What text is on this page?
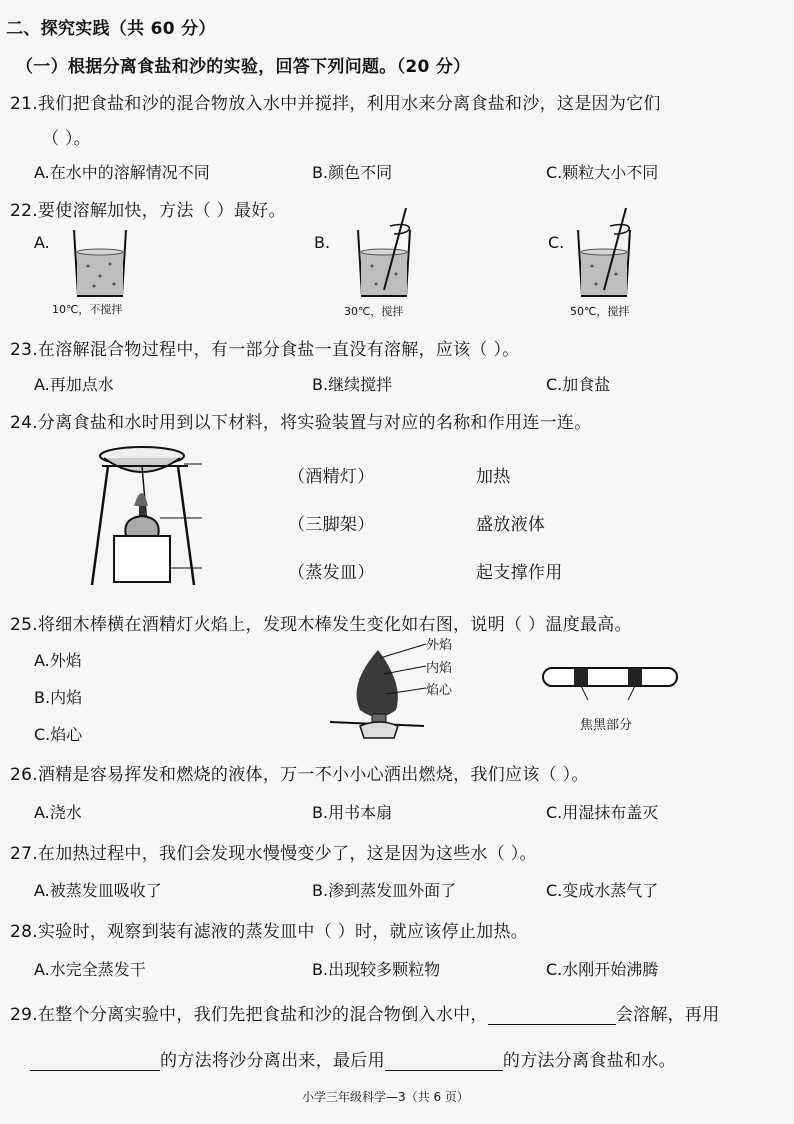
二、探究实践（共 60 分）
（一）根据分离食盐和沙的实验，回答下列问题。（20 分）
21.我们把食盐和沙的混合物放入水中并搅拌，利用水来分离食盐和沙，这是因为它们
（ ）。
A.在水中的溶解情况不同	B.颜色不同	C.颗粒大小不同
22.要使溶解加快，方法（ ）最好。
A.
10℃，不搅拌
B.
30℃，搅拌
C.
50℃，搅拌
23.在溶解混合物过程中，有一部分食盐一直没有溶解，应该（ ）。
A.再加点水	B.继续搅拌	C.加食盐
24.分离食盐和水时用到以下材料，将实验装置与对应的名称和作用连一连。
（酒精灯）
（三脚架）
（蒸发皿）
加热
盛放液体
起支撑作用
25.将细木棒横在酒精灯火焰上，发现木棒发生变化如右图，说明（ ）温度最高。
A.外焰
B.内焰
C.焰心
外焰
内焰
焰心
焦黑部分
26.酒精是容易挥发和燃烧的液体，万一不小小心洒出燃烧，我们应该（ ）。
A.浇水	B.用书本扇	C.用湿抹布盖灭
27.在加热过程中，我们会发现水慢慢变少了，这是因为这些水（ ）。
A.被蒸发皿吸收了	B.渗到蒸发皿外面了	C.变成水蒸气了
28.实验时，观察到装有滤液的蒸发皿中（ ）时，就应该停止加热。
A.水完全蒸发干	B.出现较多颗粒物	C.水刚开始沸腾
29.在整个分离实验中，我们先把食盐和沙的混合物倒入水中，	会溶解，再用
的方法将沙分离出来，最后用	的方法分离食盐和水。
小学三年级科学—3（共 6 页）
